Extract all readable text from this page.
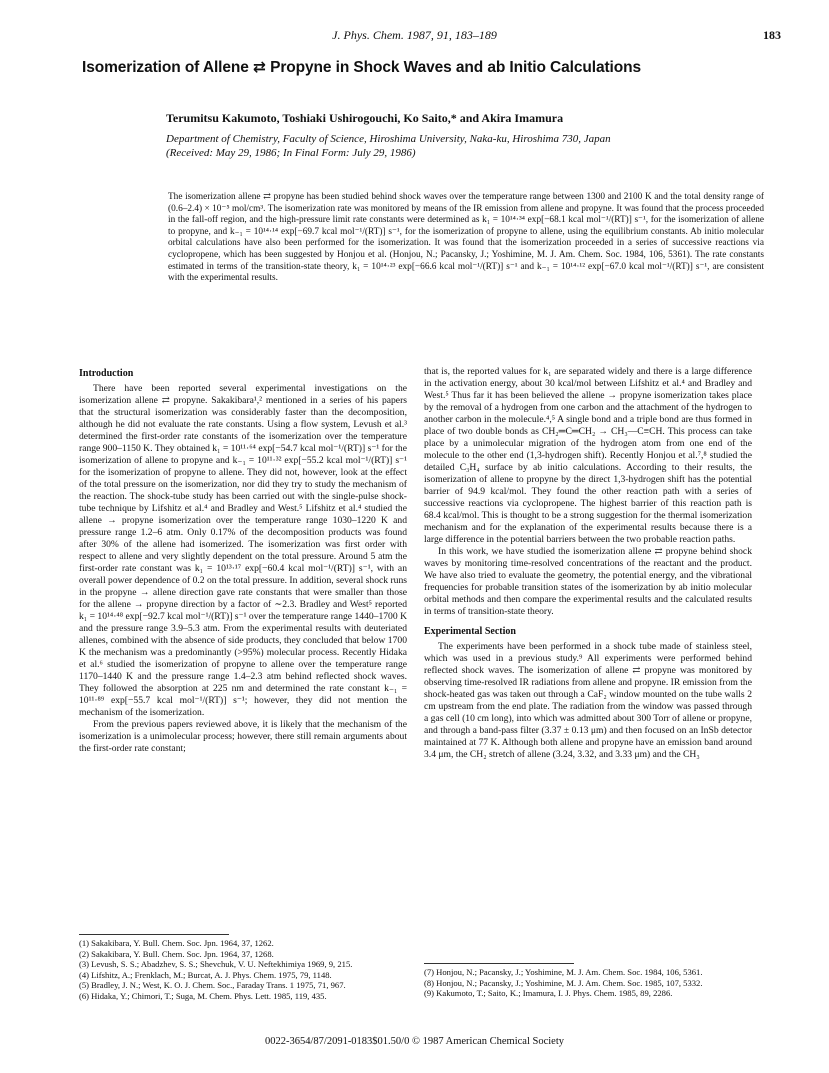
J. Phys. Chem. 1987, 91, 183–189	183
Isomerization of Allene ⇄ Propyne in Shock Waves and ab Initio Calculations
Terumitsu Kakumoto, Toshiaki Ushirogouchi, Ko Saito,* and Akira Imamura
Department of Chemistry, Faculty of Science, Hiroshima University, Naka-ku, Hiroshima 730, Japan
(Received: May 29, 1986; In Final Form: July 29, 1986)
The isomerization allene ⇄ propyne has been studied behind shock waves over the temperature range between 1300 and 2100 K and the total density range of (0.6–2.4) × 10⁻⁵ mol/cm³. The isomerization rate was monitored by means of the IR emission from allene and propyne. It was found that the process proceeded in the fall-off region, and the high-pressure limit rate constants were determined as k₁ = 10¹⁴·³⁴ exp[−68.1 kcal mol⁻¹/(RT)] s⁻¹, for the isomerization of allene to propyne, and k₋₁ = 10¹⁴·¹⁴ exp[−69.7 kcal mol⁻¹/(RT)] s⁻¹, for the isomerization of propyne to allene, using the equilibrium constants. Ab initio molecular orbital calculations have also been performed for the isomerization. It was found that the isomerization proceeded in a series of successive reactions via cyclopropene, which has been suggested by Honjou et al. (Honjou, N.; Pacansky, J.; Yoshimine, M. J. Am. Chem. Soc. 1984, 106, 5361). The rate constants estimated in terms of the transition-state theory, k₁ = 10¹⁴·²³ exp[−66.6 kcal mol⁻¹/(RT)] s⁻¹ and k₋₁ = 10¹⁴·¹² exp[−67.0 kcal mol⁻¹/(RT)] s⁻¹, are consistent with the experimental results.
Introduction

There have been reported several experimental investigations on the isomerization allene ⇄ propyne. Sakakibara¹,² mentioned in a series of his papers that the structural isomerization was considerably faster than the decomposition, although he did not evaluate the rate constants. Using a flow system, Levush et al.³ determined the first-order rate constants of the isomerization over the temperature range 900–1150 K. They obtained k₁ = 10¹¹·⁶⁴ exp[−54.7 kcal mol⁻¹/(RT)] s⁻¹ for the isomerization of allene to propyne and k₋₁ = 10¹¹·³² exp[−55.2 kcal mol⁻¹/(RT)] s⁻¹ for the isomerization of propyne to allene. They did not, however, look at the effect of the total pressure on the isomerization, nor did they try to study the mechanism of the reaction. The shock-tube study has been carried out with the single-pulse shock-tube technique by Lifshitz et al.⁴ and Bradley and West.⁵ Lifshitz et al.⁴ studied the allene → propyne isomerization over the temperature range 1030–1220 K and pressure range 1.2–6 atm. Only 0.17% of the decomposition products was found after 30% of the allene had isomerized. The isomerization was first order with respect to allene and very slightly dependent on the total pressure. Around 5 atm the first-order rate constant was k₁ = 10¹³·¹⁷ exp[−60.4 kcal mol⁻¹/(RT)] s⁻¹, with an overall power dependence of 0.2 on the total pressure. In addition, several shock runs in the propyne → allene direction gave rate constants that were smaller than those for the allene → propyne direction by a factor of ∼2.3. Bradley and West⁵ reported k₁ = 10¹⁴·⁴⁸ exp[−92.7 kcal mol⁻¹/(RT)] s⁻¹ over the temperature range 1440–1700 K and the pressure range 3.9–5.3 atm. From the experimental results with deuteriated allenes, combined with the absence of side products, they concluded that below 1700 K the mechanism was a predominantly (>95%) molecular process. Recently Hidaka et al.⁶ studied the isomerization of propyne to allene over the temperature range 1170–1440 K and the pressure range 1.4–2.3 atm behind reflected shock waves. They followed the absorption at 225 nm and determined the rate constant k₋₁ = 10¹¹·⁸⁹ exp[−55.7 kcal mol⁻¹/(RT)] s⁻¹; however, they did not mention the mechanism of the isomerization.

From the previous papers reviewed above, it is likely that the mechanism of the isomerization is a unimolecular process; however, there still remain arguments about the first-order rate constant;

that is, the reported values for k₁ are separated widely and there is a large difference in the activation energy, about 30 kcal/mol between Lifshitz et al.⁴ and Bradley and West.⁵ Thus far it has been believed the allene → propyne isomerization takes place by the removal of a hydrogen from one carbon and the attachment of the hydrogen to another carbon in the molecule.⁴,⁵ A single bond and a triple bond are thus formed in place of two double bonds as CH₂═C═CH₂ → CH₃—C≡CH. This process can take place by a unimolecular migration of the hydrogen atom from one end of the molecule to the other end (1,3-hydrogen shift). Recently Honjou et al.⁷,⁸ studied the detailed C₃H₄ surface by ab initio calculations. According to their results, the isomerization of allene to propyne by the direct 1,3-hydrogen shift has the potential barrier of 94.9 kcal/mol. They found the other reaction path with a series of successive reactions via cyclopropene. The highest barrier of this reaction path is 68.4 kcal/mol. This is thought to be a strong suggestion for the thermal isomerization mechanism and for the explanation of the experimental results because there is a large difference in the potential barriers between the two probable reaction paths.

In this work, we have studied the isomerization allene ⇄ propyne behind shock waves by monitoring time-resolved concentrations of the reactant and the product. We have also tried to evaluate the geometry, the potential energy, and the vibrational frequencies for probable transition states of the isomerization by ab initio molecular orbital methods and then compare the experimental results and the calculated results in terms of transition-state theory.

Experimental Section

The experiments have been performed in a shock tube made of stainless steel, which was used in a previous study.⁹ All experiments were performed behind reflected shock waves. The isomerization of allene ⇄ propyne was monitored by observing time-resolved IR radiations from allene and propyne. IR emission from the shock-heated gas was taken out through a CaF₂ window mounted on the tube walls 2 cm upstream from the end plate. The radiation from the window was passed through a gas cell (10 cm long), into which was admitted about 300 Torr of allene or propyne, and through a band-pass filter (3.37 ± 0.13 μm) and then focused on an InSb detector maintained at 77 K. Although both allene and propyne have an emission band around 3.4 μm, the CH₂ stretch of allene (3.24, 3.32, and 3.33 μm) and the CH₃

(1) Sakakibara, Y. Bull. Chem. Soc. Jpn. 1964, 37, 1262.

(2) Sakakibara, Y. Bull. Chem. Soc. Jpn. 1964, 37, 1268.

(3) Levush, S. S.; Abadzhev, S. S.; Shevchuk, V. U. Neftekhimiya 1969, 9, 215.

(4) Lifshitz, A.; Frenklach, M.; Burcat, A. J. Phys. Chem. 1975, 79, 1148.

(5) Bradley, J. N.; West, K. O. J. Chem. Soc., Faraday Trans. 1 1975, 71, 967.

(6) Hidaka, Y.; Chimori, T.; Suga, M. Chem. Phys. Lett. 1985, 119, 435.

(7) Honjou, N.; Pacansky, J.; Yoshimine, M. J. Am. Chem. Soc. 1984, 106, 5361.

(8) Honjou, N.; Pacansky, J.; Yoshimine, M. J. Am. Chem. Soc. 1985, 107, 5332.

(9) Kakumoto, T.; Saito, K.; Imamura, I. J. Phys. Chem. 1985, 89, 2286.

0022-3654/87/2091-0183$01.50/0 © 1987 American Chemical Society
